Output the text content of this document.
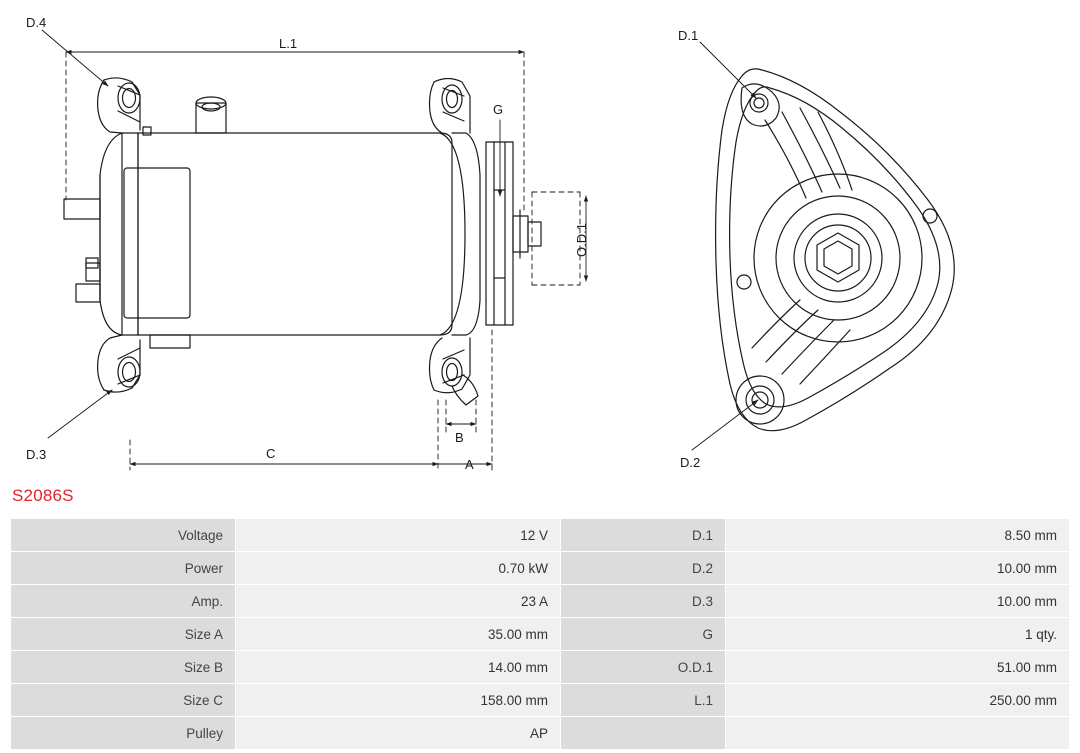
D.4
D.3
L.1
G
C
A
B
O.D.1
D.1
D.2
S2086S
Voltage	12 V	D.1	8.50 mm
Power	0.70 kW	D.2	10.00 mm
Amp.	23 A	D.3	10.00 mm
Size A	35.00 mm	G	1 qty.
Size B	14.00 mm	O.D.1	51.00 mm
Size C	158.00 mm	L.1	250.00 mm
Pulley	AP		
